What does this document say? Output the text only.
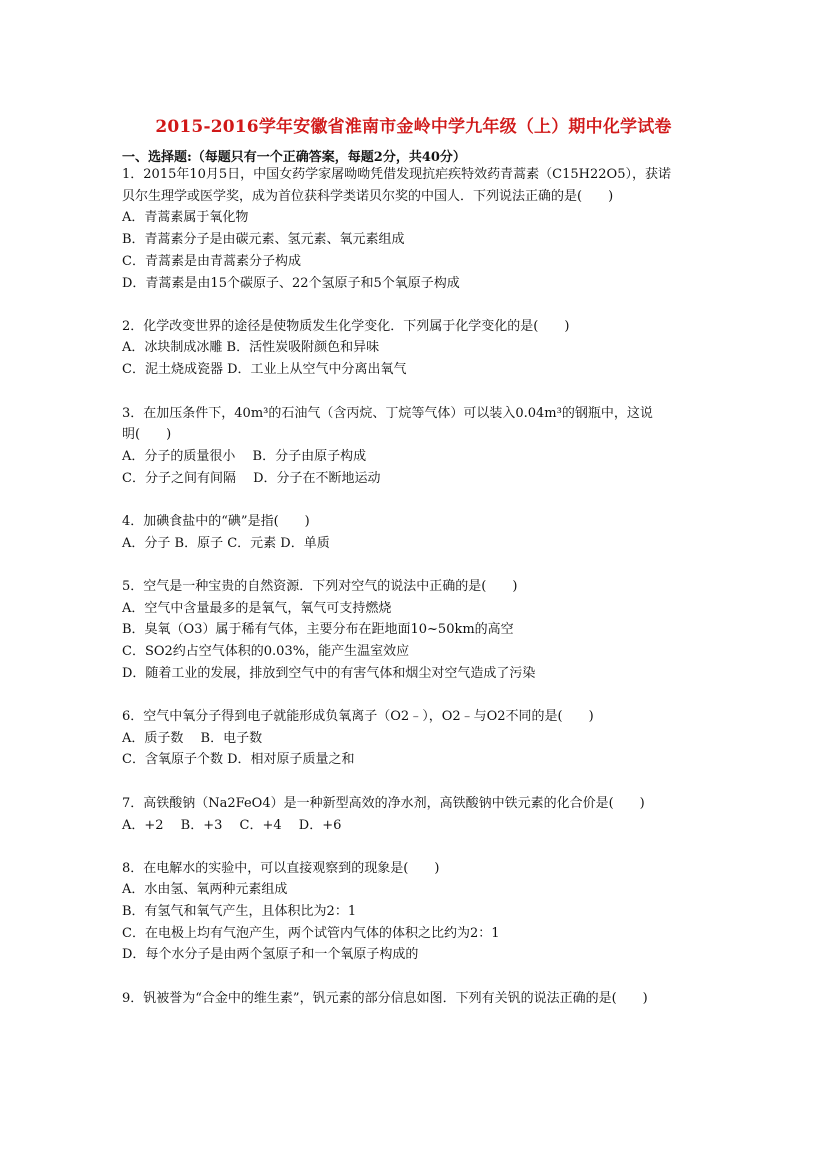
2015-2016学年安徽省淮南市金岭中学九年级（上）期中化学试卷
一、选择题:（每题只有一个正确答案，每题2分，共40分）
1．2015年10月5日，中国女药学家屠呦呦凭借发现抗疟疾特效药青蒿素（C15H22O5），获诺
贝尔生理学或医学奖，成为首位获科学类诺贝尔奖的中国人．下列说法正确的是(　　)
A．青蒿素属于氧化物
B．青蒿素分子是由碳元素、氢元素、氧元素组成
C．青蒿素是由青蒿素分子构成
D．青蒿素是由15个碳原子、22个氢原子和5个氧原子构成
2．化学改变世界的途径是使物质发生化学变化．下列属于化学变化的是(　　)
A．冰块制成冰雕 B．活性炭吸附颜色和异味
C．泥土烧成瓷器 D．工业上从空气中分离出氧气
3．在加压条件下，40m³的石油气（含丙烷、丁烷等气体）可以装入0.04m³的钢瓶中，这说
明(　　)
A．分子的质量很小　 B．分子由原子构成
C．分子之间有间隔　 D．分子在不断地运动
4．加碘食盐中的“碘”是指(　　)
A．分子 B．原子 C．元素 D．单质
5．空气是一种宝贵的自然资源．下列对空气的说法中正确的是(　　)
A．空气中含量最多的是氧气，氧气可支持燃烧
B．臭氧（O3）属于稀有气体，主要分布在距地面10~50km的高空
C．SO2约占空气体积的0.03%，能产生温室效应
D．随着工业的发展，排放到空气中的有害气体和烟尘对空气造成了污染
6．空气中氧分子得到电子就能形成负氧离子（O2﹣），O2﹣与O2不同的是(　　)
A．质子数　 B．电子数
C．含氧原子个数 D．相对原子质量之和
7．高铁酸钠（Na2FeO4）是一种新型高效的净水剂，高铁酸钠中铁元素的化合价是(　　)
A．+2　 B．+3　 C．+4　 D．+6
8．在电解水的实验中，可以直接观察到的现象是(　　)
A．水由氢、氧两种元素组成
B．有氢气和氧气产生，且体积比为2：1
C．在电极上均有气泡产生，两个试管内气体的体积之比约为2：1
D．每个水分子是由两个氢原子和一个氧原子构成的
9．钒被誉为“合金中的维生素”，钒元素的部分信息如图．下列有关钒的说法正确的是(　　)
